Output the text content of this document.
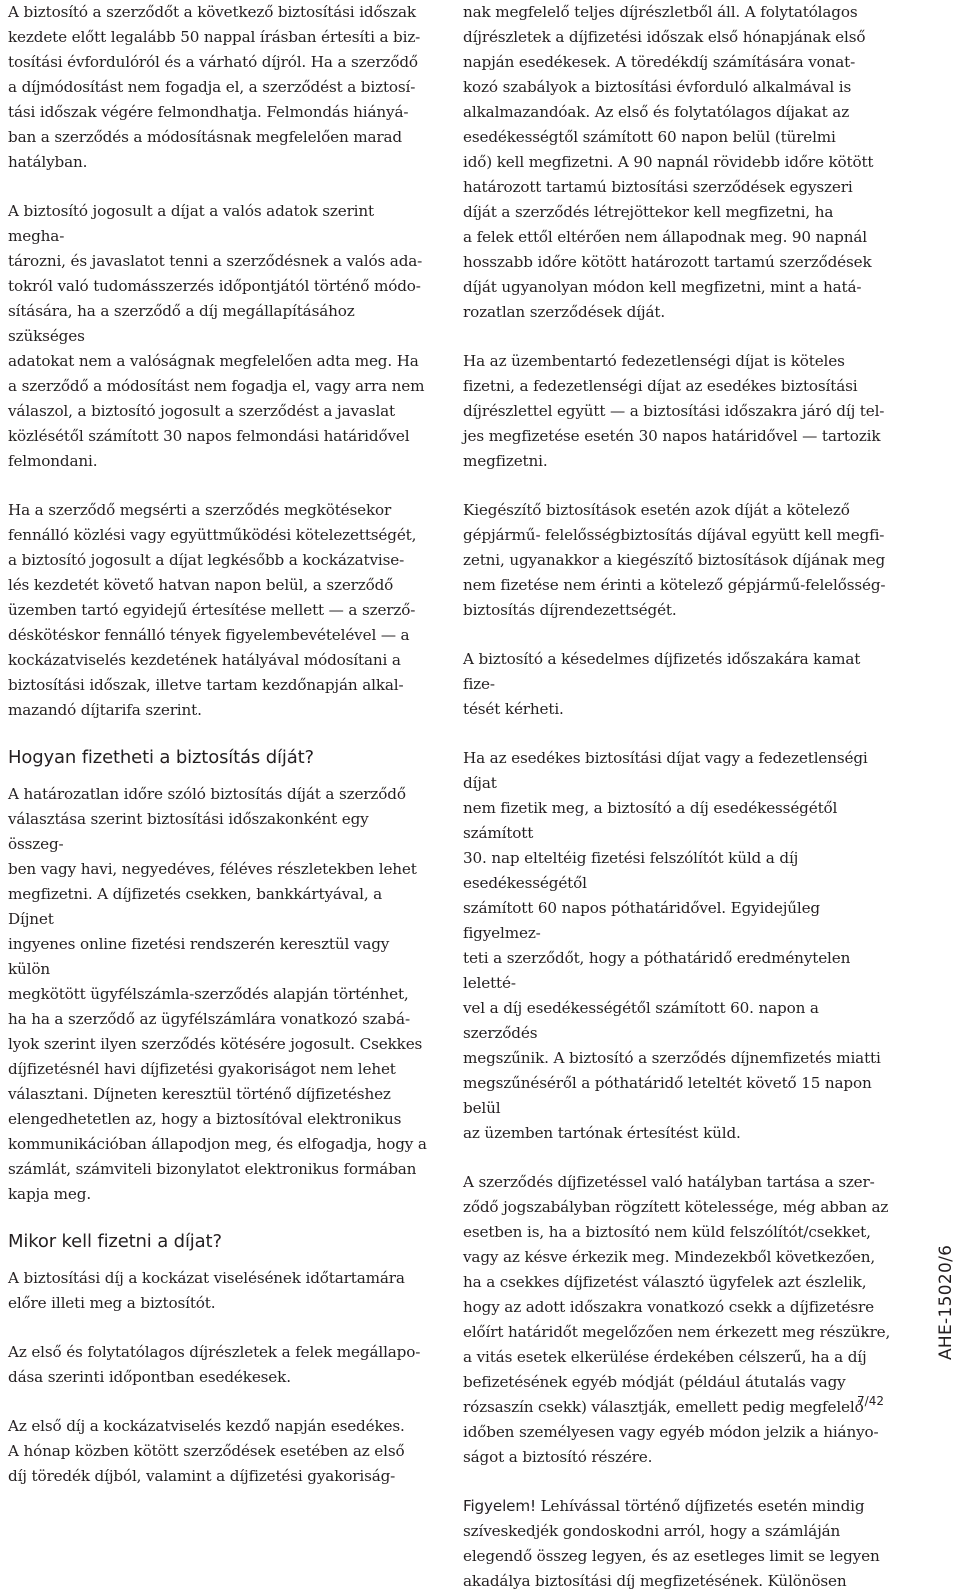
A biztosító a szerződőt a következő biztosítási időszak
kezdete előtt legalább 50 nappal írásban értesíti a biz-
tosítási évfordulóról és a várható díjról. Ha a szerződő
a díjmódosítást nem fogadja el, a szerződést a biztosí-
tási időszak végére felmondhatja. Felmondás hiányá-
ban a szerződés a módosításnak megfelelően marad
hatályban.

A biztosító jogosult a díjat a valós adatok szerint megha-
tározni, és javaslatot tenni a szerződésnek a valós ada-
tokról való tudomásszerzés időpontjától történő módo-
sítására, ha a szerződő a díj megállapításához szükséges
adatokat nem a valóságnak megfelelően adta meg. Ha
a szerződő a módosítást nem fogadja el, vagy arra nem
válaszol, a biztosító jogosult a szerződést a javaslat
közlésétől számított 30 napos felmondási határidővel
felmondani.

Ha a szerződő megsérti a szerződés megkötésekor
fennálló közlési vagy együttműködési kötelezettségét,
a biztosító jogosult a díjat legkésőbb a kockázatvise-
lés kezdetét követő hatvan napon belül, a szerződő
üzemben tartó egyidejű értesítése mellett — a szerző-
déskötéskor fennálló tények figyelembevételével — a
kockázatviselés kezdetének hatályával módosítani a
biztosítási időszak, illetve tartam kezdőnapján alkal-
mazandó díjtarifa szerint.

Hogyan fizetheti a biztosítás díját?

A határozatlan időre szóló biztosítás díját a szerződő
választása szerint biztosítási időszakonként egy összeg-
ben vagy havi, negyedéves, féléves részletekben lehet
megfizetni. A díjfizetés csekken, bankkártyával, a Díjnet
ingyenes online fizetési rendszerén keresztül vagy külön
megkötött ügyfélszámla-szerződés alapján történhet,
ha ha a szerződő az ügyfélszámlára vonatkozó szabá-
lyok szerint ilyen szerződés kötésére jogosult. Csekkes
díjfizetésnél havi díjfizetési gyakoriságot nem lehet
választani. Díjneten keresztül történő díjfizetéshez
elengedhetetlen az, hogy a biztosítóval elektronikus
kommunikációban állapodjon meg, és elfogadja, hogy a
számlát, számviteli bizonylatot elektronikus formában
kapja meg.

Mikor kell fizetni a díjat?

A biztosítási díj a kockázat viselésének időtartamára
előre illeti meg a biztosítót.

Az első és folytatólagos díjrészletek a felek megállapo-
dása szerinti időpontban esedékesek.

Az első díj a kockázatviselés kezdő napján esedékes.
A hónap közben kötött szerződések esetében az első
díj töredék díjból, valamint a díjfizetési gyakoriság-

nak megfelelő teljes díjrészletből áll. A folytatólagos
díjrészletek a díjfizetési időszak első hónapjának első
napján esedékesek. A töredékdíj számítására vonat-
kozó szabályok a biztosítási évforduló alkalmával is
alkalmazandóak. Az első és folytatólagos díjakat az
esedékességtől számított 60 napon belül (türelmi
idő) kell megfizetni. A 90 napnál rövidebb időre kötött
határozott tartamú biztosítási szerződések egyszeri
díját a szerződés létrejöttekor kell megfizetni, ha
a felek ettől eltérően nem állapodnak meg. 90 napnál
hosszabb időre kötött határozott tartamú szerződések
díját ugyanolyan módon kell megfizetni, mint a hatá-
rozatlan szerződések díját.

Ha az üzembentartó fedezetlenségi díjat is köteles
fizetni, a fedezetlenségi díjat az esedékes biztosítási
díjrészlettel együtt — a biztosítási időszakra járó díj tel-
jes megfizetése esetén 30 napos határidővel — tartozik
megfizetni.

Kiegészítő biztosítások esetén azok díját a kötelező
gépjármű- felelősségbiztosítás díjával együtt kell megfi-
zetni, ugyanakkor a kiegészítő biztosítások díjának meg
nem fizetése nem érinti a kötelező gépjármű-felelősség-
biztosítás díjrendezettségét.

A biztosító a késedelmes díjfizetés időszakára kamat fize-
tését kérheti.

Ha az esedékes biztosítási díjat vagy a fedezetlenségi díjat
nem fizetik meg, a biztosító a díj esedékességétől számított
30. nap elteltéig fizetési felszólítót küld a díj esedékességétől
számított 60 napos póthatáridővel. Egyidejűleg figyelmez-
teti a szerződőt, hogy a póthatáridő eredménytelen leletté-
vel a díj esedékességétől számított 60. napon a szerződés
megszűnik. A biztosító a szerződés díjnemfizetés miatti
megszűnéséről a póthatáridő leteltét követő 15 napon belül
az üzemben tartónak értesítést küld.

A szerződés díjfizetéssel való hatályban tartása a szer-
ződő jogszabályban rögzített kötelessége, még abban az
esetben is, ha a biztosító nem küld felszólítót/csekket,
vagy az késve érkezik meg. Mindezekből következően,
ha a csekkes díjfizetést választó ügyfelek azt észlelik,
hogy az adott időszakra vonatkozó csekk a díjfizetésre
előírt határidőt megelőzően nem érkezett meg részükre,
a vitás esetek elkerülése érdekében célszerű, ha a díj
befizetésének egyéb módját (például átutalás vagy
rózsaszín csekk) választják, emellett pedig megfelelő
időben személyesen vagy egyéb módon jelzik a hiányo-
ságot a biztosító részére.

Figyelem! Lehívással történő díjfizetés esetén mindig
szíveskedjék gondoskodni arról, hogy a számláján
elegendő összeg legyen, és az esetleges limit se legyen
akadálya biztosítási díj megfizetésének. Különösen

AHE-15020/6
7/42
